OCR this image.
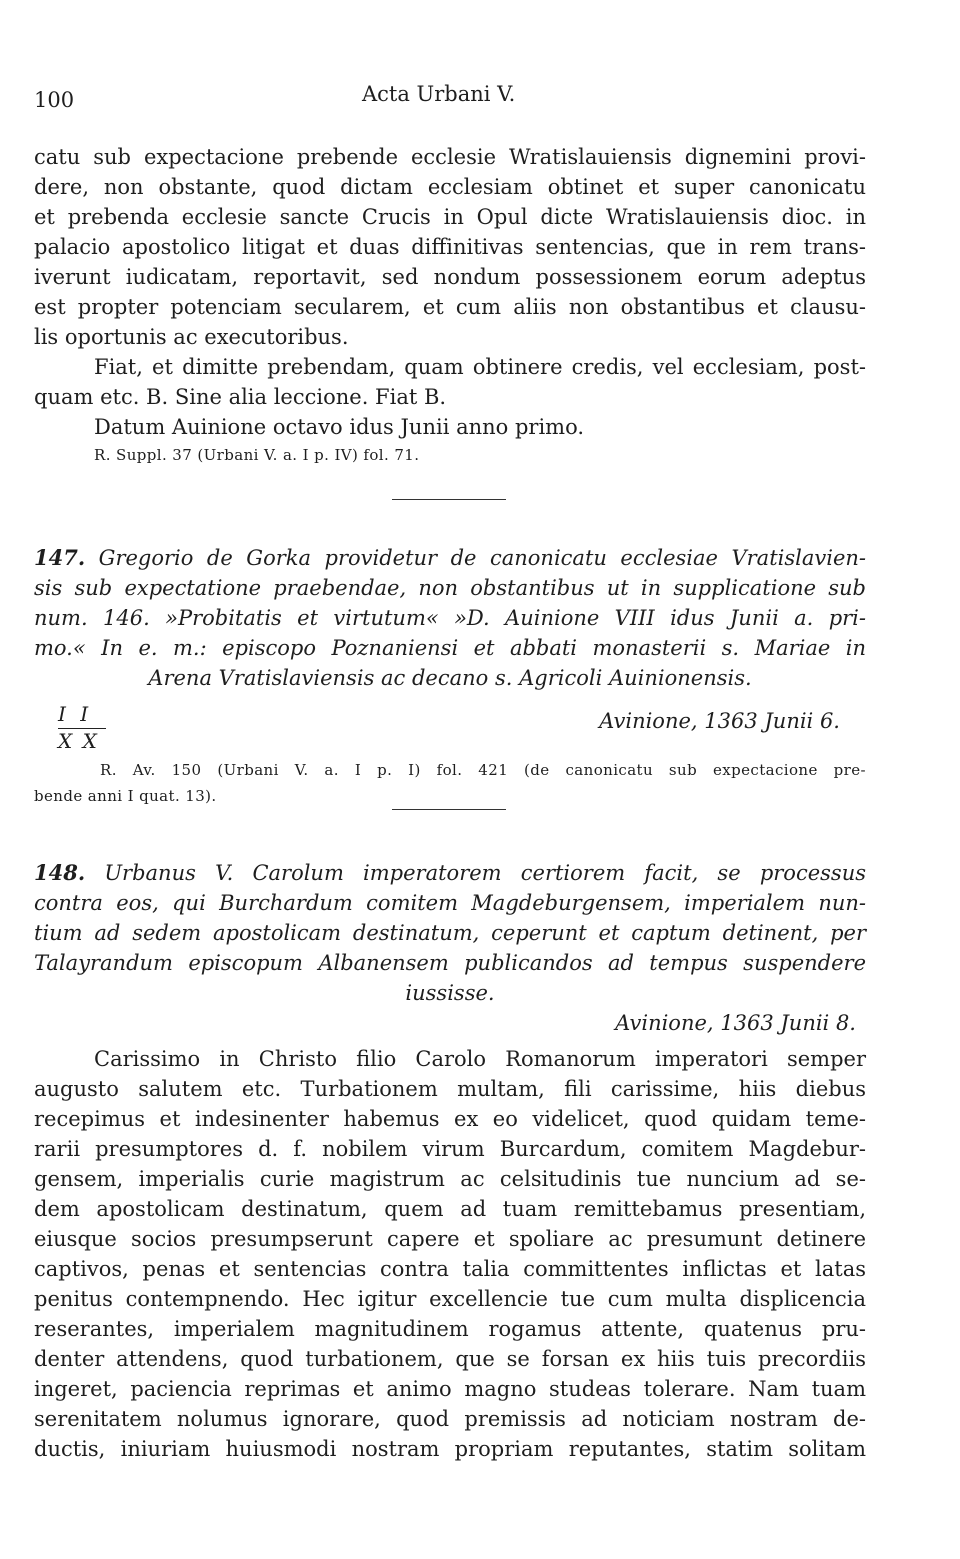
100	Acta Urbani V.
catu sub expectacione prebende ecclesie Wratislauiensis dignemini provi-
dere, non obstante, quod dictam ecclesiam obtinet et super canonicatu
et prebenda ecclesie sancte Crucis in Opul dicte Wratislauiensis dioc. in
palacio apostolico litigat et duas diffinitivas sentencias, que in rem trans-
iverunt iudicatam, reportavit, sed nondum possessionem eorum adeptus
est propter potenciam secularem, et cum aliis non obstantibus et clausu-
lis oportunis ac executoribus.
Fiat, et dimitte prebendam, quam obtinere credis, vel ecclesiam, post-
quam etc. B. Sine alia leccione. Fiat B.
Datum Auinione octavo idus Junii anno primo.
R. Suppl. 37 (Urbani V. a. I p. IV) fol. 71.
147. Gregorio de Gorka providetur de canonicatu ecclesiae Vratislavien-
sis sub expectatione praebendae, non obstantibus ut in supplicatione sub
num. 146. »Probitatis et virtutum« »D. Auinione VIII idus Junii a. pri-
mo.« In e. m.: episcopo Poznaniensi et abbati monasterii s. Mariae in
Arena Vratislaviensis ac decano s. Agricoli Auinionensis.
$\frac{\text{I I}}{\text{X X}}$	Avinione, 1363 Junii 6.
R. Av. 150 (Urbani V. a. I p. I) fol. 421 (de canonicatu sub expectacione pre-
bende anni I quat. 13).
148. Urbanus V. Carolum imperatorem certiorem facit, se processus
contra eos, qui Burchardum comitem Magdeburgensem, imperialem nun-
tium ad sedem apostolicam destinatum, ceperunt et captum detinent, per
Talayrandum episcopum Albanensem publicandos ad tempus suspendere
iussisse.
Avinione, 1363 Junii 8.
Carissimo in Christo filio Carolo Romanorum imperatori semper
augusto salutem etc. Turbationem multam, fili carissime, hiis diebus
recepimus et indesinenter habemus ex eo videlicet, quod quidam teme-
rarii presumptores d. f. nobilem virum Burcardum, comitem Magdebur-
gensem, imperialis curie magistrum ac celsitudinis tue nuncium ad se-
dem apostolicam destinatum, quem ad tuam remittebamus presentiam,
eiusque socios presumpserunt capere et spoliare ac presumunt detinere
captivos, penas et sentencias contra talia committentes inflictas et latas
penitus contempnendo. Hec igitur excellencie tue cum multa displicencia
reserantes, imperialem magnitudinem rogamus attente, quatenus pru-
denter attendens, quod turbationem, que se forsan ex hiis tuis precordiis
ingeret, paciencia reprimas et animo magno studeas tolerare. Nam tuam
serenitatem nolumus ignorare, quod premissis ad noticiam nostram de-
ductis, iniuriam huiusmodi nostram propriam reputantes, statim solitam
